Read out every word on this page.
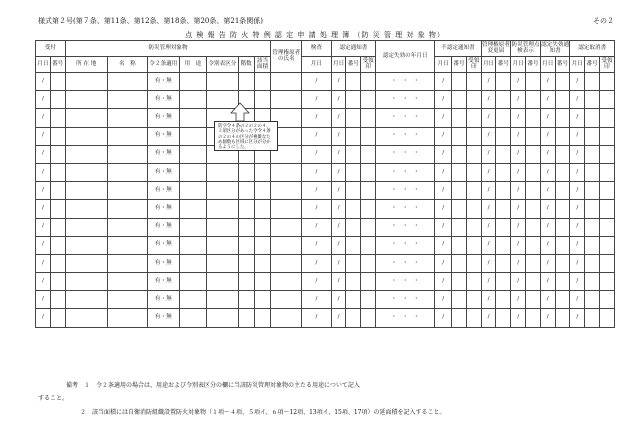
様式第２号(第７条、第11条、第12条、第18条、第20条、第21条関係)	その２
点 検 報 告 防 火 特 例 認 定 申 請 処 理 簿 （防 災 管 理 対 象 物）
受付		防災管理対象物							管理権原者の氏名	検査	認定通知書			認定失効の年月日	不認定通知書			管理権原者変更届		防災管理点検表示		認定失効通知書		認定取消書		
月日	番号	所 在 地	名　称	令２条適用	用　途	令別表区分	階数	該当面積		月日	月日	番号	受領印		月日	番号	受領印	月日	番号	月日	番号	月日	番号	月日	番号	受領印
/				有・無						/	/			・　・　・	/			/		/		/		/		
/				有・無						/	/			・　・　・	/			/		/		/		/		
/				有・無						/	/			・　・　・	/			/		/		/		/		
/				有・無						/	/			・　・　・	/			/		/		/		/		
/				有・無						/	/			・　・　・	/			/		/		/		/		
/				有・無						/	/			・　・　・	/			/		/		/		/		
/				有・無						/	/			・　・　・	/			/		/		/		/		
/				有・無						/	/			・　・　・	/			/		/		/		/		
/				有・無						/	/			・　・　・	/			/		/		/		/		
/				有・無						/	/			・　・　・	/			/		/		/		/		
/				有・無						/	/			・　・　・	/			/		/		/		/		
/				有・無						/	/			・　・　・	/			/		/		/		/		
/				有・無						/	/			・　・　・	/			/		/		/		/		
/				有・無						/	/			・　・　・	/			/		/		/		/		
防空令４条の２の２の４、３項区分があった令令４条の２の４の区分が複雑なため個数も区域に区分が分かるようにした。
備考　１　令２条適用の場合は、用途および令別表区分の欄に当該防災管理対象物の主たる用途について記入
すること。
２　該当面積には自衛消防組織設置防火対象物（１項～４項、５項イ、６項～12項、13項イ、15項、17項）の延面積を記入すること。
